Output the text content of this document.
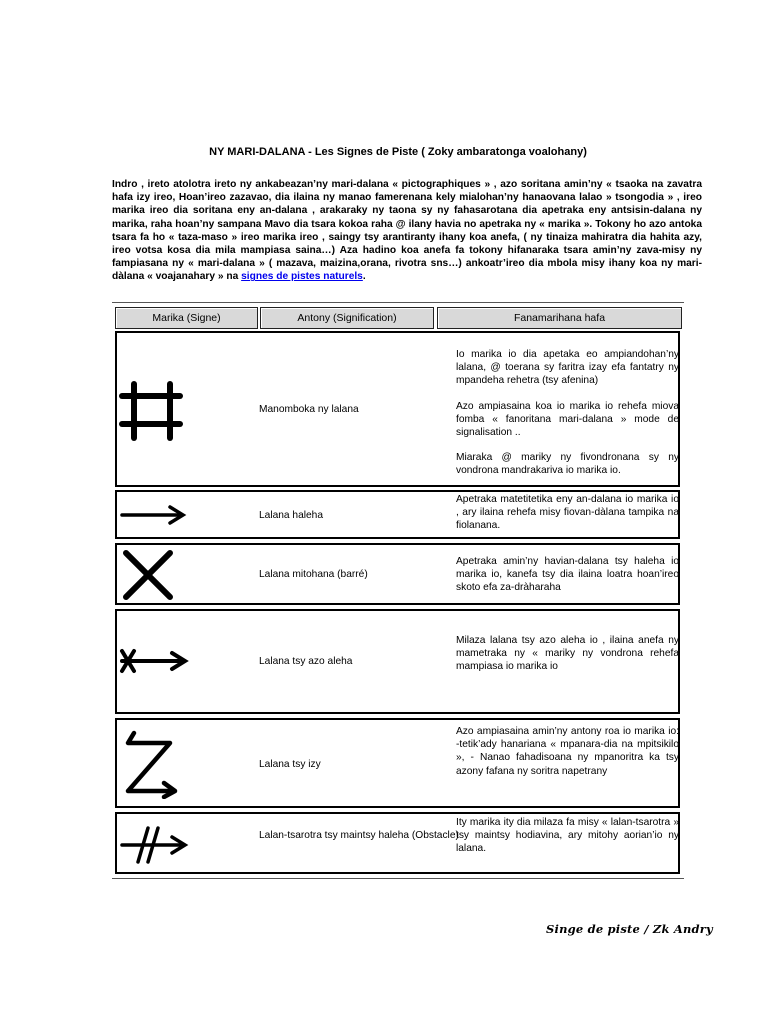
NY MARI-DALANA - Les Signes de Piste ( Zoky ambaratonga voalohany)
Indro , ireto atolotra ireto ny ankabeazan’ny mari-dalana « pictographiques » , azo soritana amin’ny « tsaoka na zavatra hafa izy ireo, Hoan’ireo zazavao, dia ilaina ny manao famerenana kely mialohan’ny hanaovana lalao » tsongodia » , ireo marika ireo dia soritana eny an-dalana , arakaraky ny taona sy ny fahasarotana dia apetraka eny antsisin-dalana ny marika, raha hoan’ny sampana Mavo dia tsara kokoa raha @ ilany havia no apetraka ny « marika ». Tokony ho azo antoka tsara fa ho « taza-maso » ireo marika ireo , saingy tsy arantiranty ihany koa anefa, ( ny tinaiza mahiratra dia hahita azy, ireo votsa kosa dia mila mampiasa saina…) Aza hadino koa anefa fa tokony hifanaraka tsara amin’ny zava-misy ny fampiasana ny « mari-dalana » ( mazava, maizina,orana, rivotra sns…) ankoatr’ireo dia mbola misy ihany koa ny mari-dàlana « voajanahary » na signes de pistes naturels.
Marika (Signe)	Antony (Signification)	Fanamarihana hafa
Manomboka ny lalana

Io marika io dia apetaka eo ampiandohan’ny lalana, @ toerana sy faritra izay efa fantatry ny mpandeha rehetra (tsy afenina)

Azo ampiasaina koa io marika io rehefa miova fomba « fanoritana mari-dalana » mode de signalisation ..

Miaraka @ mariky ny fivondronana sy ny vondrona mandrakariva io marika io.

Lalana haleha

Apetraka matetitetika eny an-dalana io marika io , ary ilaina rehefa misy fiovan-dàlana tampika na fiolanana.

Lalana mitohana (barré)

Apetraka amin’ny havian-dalana tsy haleha io marika io, kanefa tsy dia ilaina loatra hoan’ireo skoto efa za-dràharaha

Lalana tsy azo aleha

Milaza lalana tsy azo aleha io , ilaina anefa ny mametraka ny « mariky ny vondrona rehefa mampiasa io marika io

Lalana tsy izy

Azo ampiasaina amin’ny antony roa io marika io: -tetik’ady hanariana « mpanara-dia na mpitsikilo », - Nanao fahadisoana ny mpanoritra ka tsy azony fafana ny soritra napetrany

Lalan-tsarotra tsy maintsy haleha (Obstacle)

Ity marika ity dia milaza fa misy « lalan-tsarotra » tsy maintsy hodiavina, ary mitohy aorian’io ny lalana.

Singe de piste / Zk Andry
